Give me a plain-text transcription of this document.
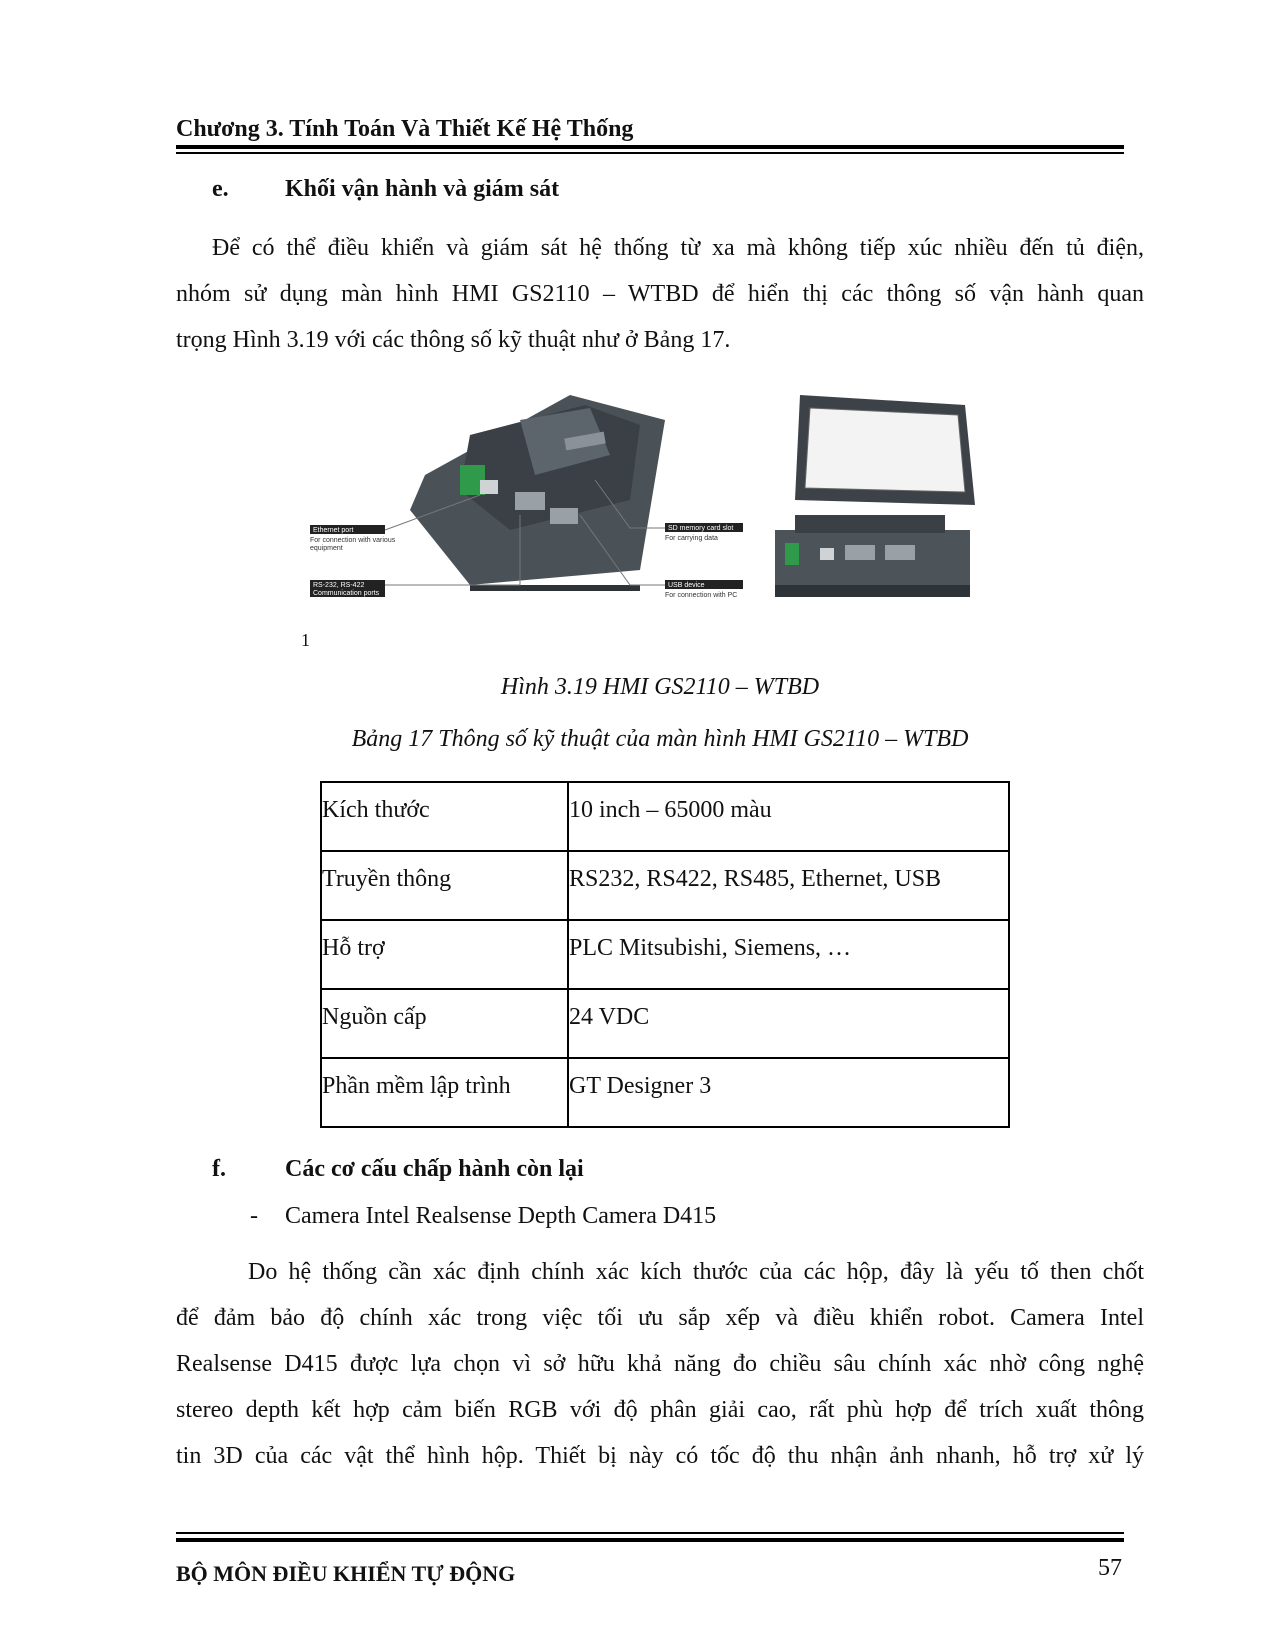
Chương 3. Tính Toán Và Thiết Kế Hệ Thống
e. Khối vận hành và giám sát
Để có thể điều khiển và giám sát hệ thống từ xa mà không tiếp xúc nhiều đến tủ điện,
nhóm sử dụng màn hình HMI GS2110 – WTBD để hiển thị các thông số vận hành quan
trọng Hình 3.19 với các thông số kỹ thuật như ở Bảng 17.
Ethernet port
For connection with various
equipment
RS-232, RS-422
Communication ports
SD memory card slot
For carrying data
USB device
For connection with PC
1
Hình 3.19 HMI GS2110 – WTBD
Bảng 17 Thông số kỹ thuật của màn hình HMI GS2110 – WTBD
Kích thước	10 inch – 65000 màu
Truyền thông	RS232, RS422, RS485, Ethernet, USB
Hỗ trợ	PLC Mitsubishi, Siemens, …
Nguồn cấp	24 VDC
Phần mềm lập trình	GT Designer 3
f. Các cơ cấu chấp hành còn lại
- Camera Intel Realsense Depth Camera D415
Do hệ thống cần xác định chính xác kích thước của các hộp, đây là yếu tố then chốt
để đảm bảo độ chính xác trong việc tối ưu sắp xếp và điều khiển robot. Camera Intel
Realsense D415 được lựa chọn vì sở hữu khả năng đo chiều sâu chính xác nhờ công nghệ
stereo depth kết hợp cảm biến RGB với độ phân giải cao, rất phù hợp để trích xuất thông
tin 3D của các vật thể hình hộp. Thiết bị này có tốc độ thu nhận ảnh nhanh, hỗ trợ xử lý
BỘ MÔN ĐIỀU KHIỂN TỰ ĐỘNG	57
